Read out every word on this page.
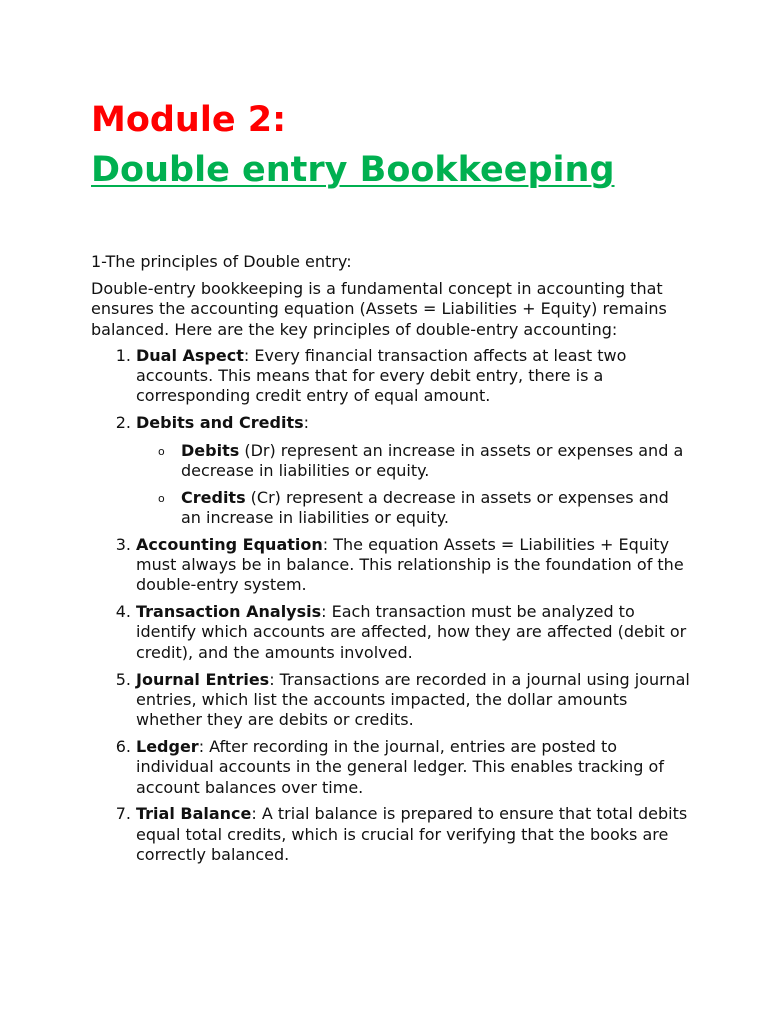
Module 2:
Double entry Bookkeeping

1-The principles of Double entry:

Double-entry bookkeeping is a fundamental concept in accounting that ensures the accounting equation (Assets = Liabilities + Equity) remains balanced. Here are the key principles of double-entry accounting:

1. Dual Aspect: Every financial transaction affects at least two accounts. This means that for every debit entry, there is a corresponding credit entry of equal amount.
2. Debits and Credits:
o Debits (Dr) represent an increase in assets or expenses and a decrease in liabilities or equity.
o Credits (Cr) represent a decrease in assets or expenses and an increase in liabilities or equity.
3. Accounting Equation: The equation Assets = Liabilities + Equity must always be in balance. This relationship is the foundation of the double-entry system.
4. Transaction Analysis: Each transaction must be analyzed to identify which accounts are affected, how they are affected (debit or credit), and the amounts involved.
5. Journal Entries: Transactions are recorded in a journal using journal entries, which list the accounts impacted, the dollar amounts whether they are debits or credits.
6. Ledger: After recording in the journal, entries are posted to individual accounts in the general ledger. This enables tracking of account balances over time.
7. Trial Balance: A trial balance is prepared to ensure that total debits equal total credits, which is crucial for verifying that the books are correctly balanced.
